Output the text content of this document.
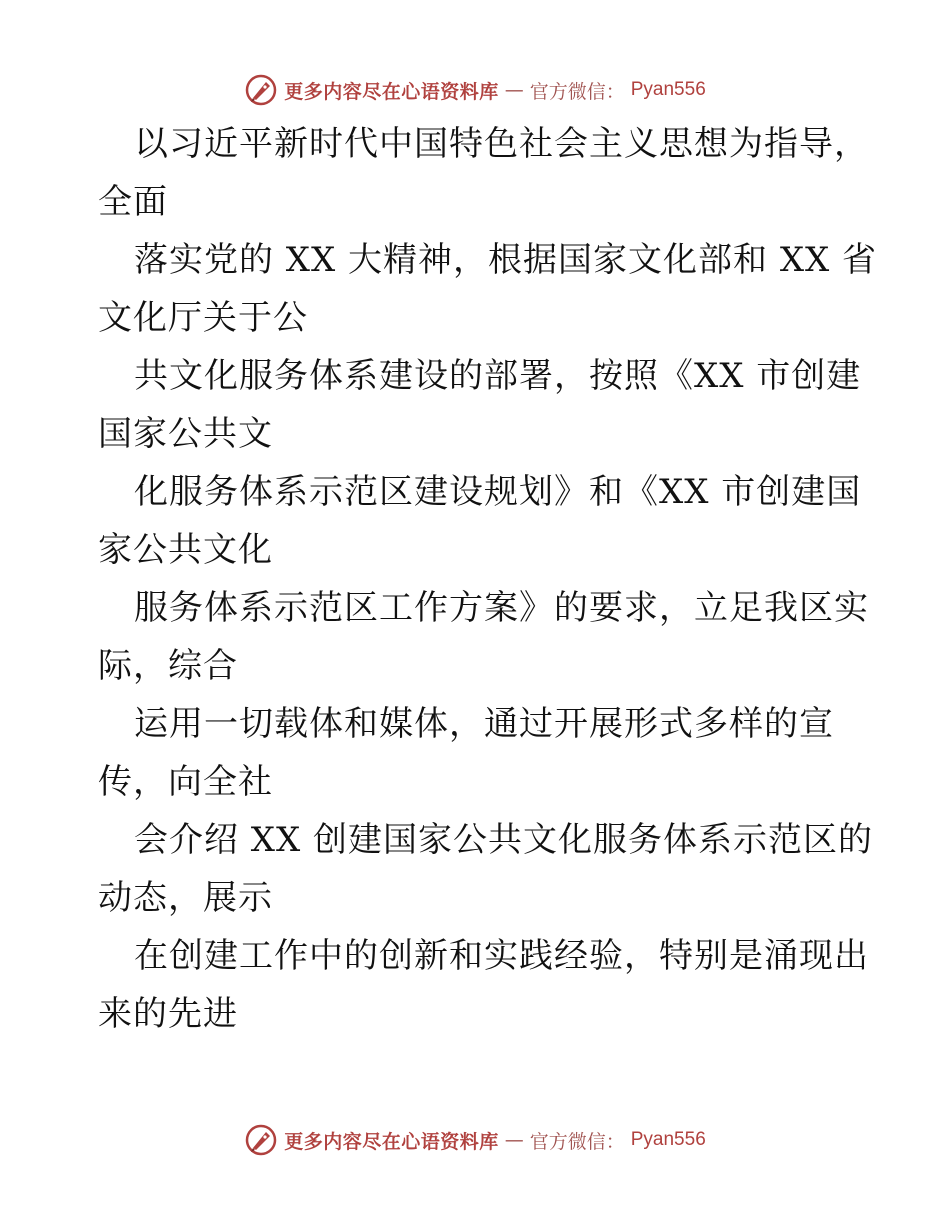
更多内容尽在心语资料库 — 官方微信： Pyan556
以习近平新时代中国特色社会主义思想为指导，
全面
落实党的 XX 大精神，根据国家文化部和 XX 省
文化厅关于公
共文化服务体系建设的部署，按照《XX 市创建
国家公共文
化服务体系示范区建设规划》和《XX 市创建国
家公共文化
服务体系示范区工作方案》的要求，立足我区实
际，综合
运用一切载体和媒体，通过开展形式多样的宣
传，向全社
会介绍 XX 创建国家公共文化服务体系示范区的
动态，展示
在创建工作中的创新和实践经验，特别是涌现出
来的先进
更多内容尽在心语资料库 — 官方微信： Pyan556
